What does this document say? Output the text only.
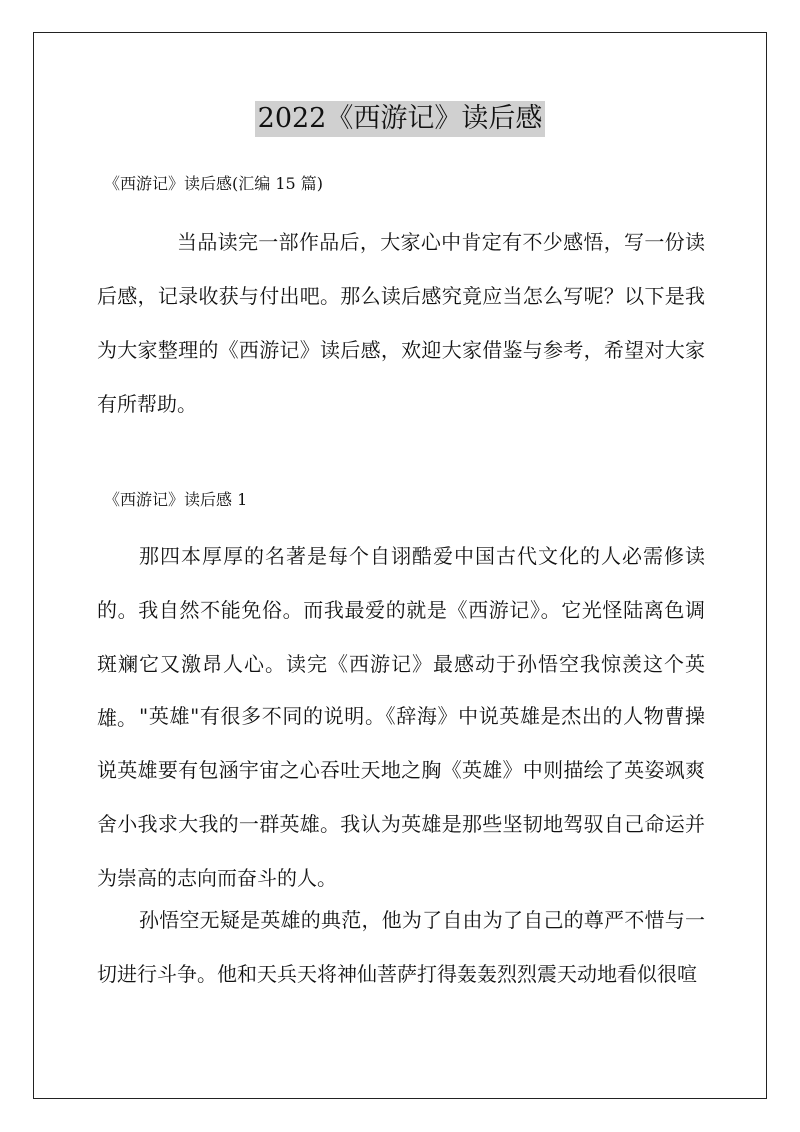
2022《西游记》读后感
《西游记》读后感(汇编 15 篇)

当品读完一部作品后，大家心中肯定有不少感悟，写一份读后感，记录收获与付出吧。那么读后感究竟应当怎么写呢？以下是我为大家整理的《西游记》读后感，欢迎大家借鉴与参考，希望对大家有所帮助。

《西游记》读后感 1

那四本厚厚的名著是每个自诩酷爱中国古代文化的人必需修读的。我自然不能免俗。而我最爱的就是《西游记》。它光怪陆离色调斑斓它又激昂人心。读完《西游记》最感动于孙悟空我惊羡这个英雄。 "英雄"有很多不同的说明。《辞海》中说英雄是杰出的人物曹操说英雄要有包涵宇宙之心吞吐天地之胸《英雄》中则描绘了英姿飒爽舍小我求大我的一群英雄。我认为英雄是那些坚韧地驾驭自己命运并为崇高的志向而奋斗的人。

孙悟空无疑是英雄的典范，他为了自由为了自己的尊严不惜与一切进行斗争。他和天兵天将神仙菩萨打得轰轰烈烈震天动地看似很喧
